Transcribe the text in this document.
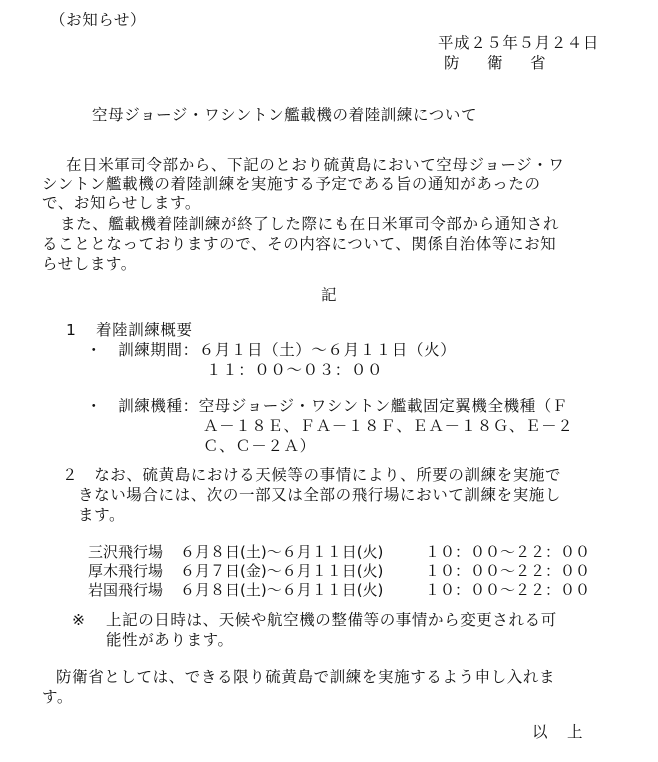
（お知らせ）
平成２５年５月２４日
防　衛　省
空母ジョージ・ワシントン艦載機の着陸訓練について
在日米軍司令部から、下記のとおり硫黄島において空母ジョージ・ワ
シントン艦載機の着陸訓練を実施する予定である旨の通知があったの
で、お知らせします。
また、艦載機着陸訓練が終了した際にも在日米軍司令部から通知され
ることとなっておりますので、その内容について、関係自治体等にお知
らせします。
記
1 着陸訓練概要
・　訓練期間：６月１日（土）～６月１１日（火）
１１：００～０３：００
・　訓練機種：空母ジョージ・ワシントン艦載固定翼機全機種（Ｆ
Ａ－１８Ｅ、ＦＡ－１８Ｆ、ＥＡ－１８Ｇ、Ｅ－２
Ｃ、Ｃ－２Ａ）
２　なお、硫黄島における天候等の事情により、所要の訓練を実施で
きない場合には、次の一部又は全部の飛行場において訓練を実施し
ます。
三沢飛行場 ６月８日(土)～６月１１日(火)	１０：００～２２：００
厚木飛行場 ６月７日(金)～６月１１日(火)	１０：００～２２：００
岩国飛行場 ６月８日(土)～６月１１日(火)	１０：００～２２：００
※ 上記の日時は、天候や航空機の整備等の事情から変更される可
能性があります。
防衛省としては、できる限り硫黄島で訓練を実施するよう申し入れま
す。
以　上
